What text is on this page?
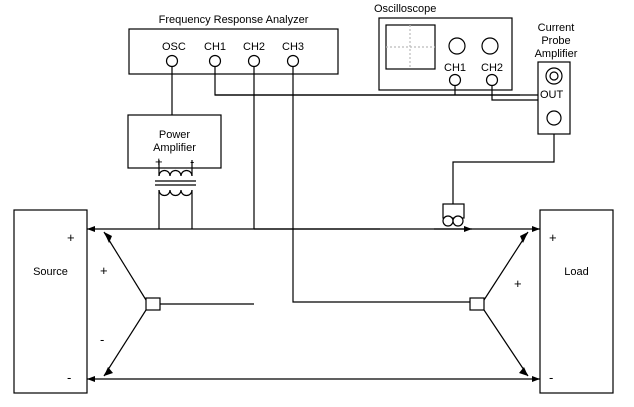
Frequency Response Analyzer
OSC CH1 CH2 CH3
Oscilloscope
CH1 CH2
Current
Probe
Amplifier
OUT
Power
Amplifier
+ -
Source
+
-
+
-
Load
+
-
+
